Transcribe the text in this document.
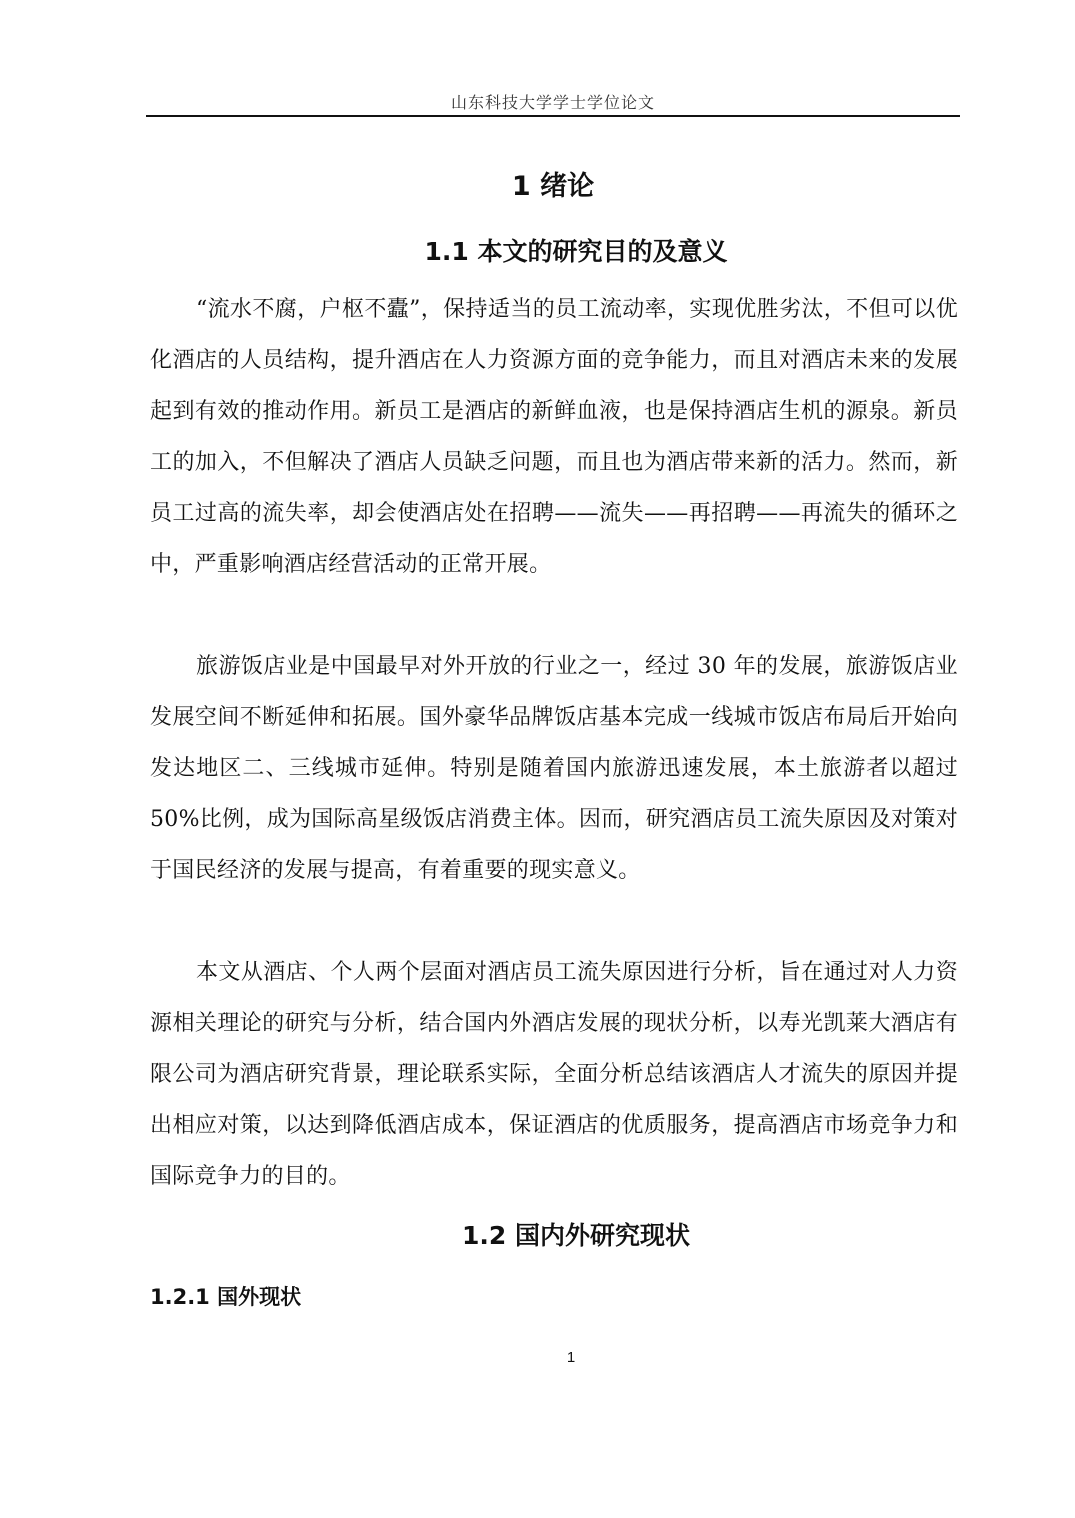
山东科技大学学士学位论文
1 绪论
1.1 本文的研究目的及意义

“流水不腐，户枢不蠹”，保持适当的员工流动率，实现优胜劣汰，不但可以优化酒店的人员结构，提升酒店在人力资源方面的竞争能力，而且对酒店未来的发展起到有效的推动作用。新员工是酒店的新鲜血液，也是保持酒店生机的源泉。新员工的加入，不但解决了酒店人员缺乏问题，而且也为酒店带来新的活力。然而，新员工过高的流失率，却会使酒店处在招聘——流失——再招聘——再流失的循环之中，严重影响酒店经营活动的正常开展。

旅游饭店业是中国最早对外开放的行业之一，经过 30 年的发展，旅游饭店业发展空间不断延伸和拓展。国外豪华品牌饭店基本完成一线城市饭店布局后开始向发达地区二、三线城市延伸。特别是随着国内旅游迅速发展，本土旅游者以超过 50%比例，成为国际高星级饭店消费主体。因而，研究酒店员工流失原因及对策对于国民经济的发展与提高，有着重要的现实意义。

本文从酒店、个人两个层面对酒店员工流失原因进行分析，旨在通过对人力资源相关理论的研究与分析，结合国内外酒店发展的现状分析，以寿光凯莱大酒店有限公司为酒店研究背景，理论联系实际，全面分析总结该酒店人才流失的原因并提出相应对策，以达到降低酒店成本，保证酒店的优质服务，提高酒店市场竞争力和国际竞争力的目的。

1.2 国内外研究现状
1.2.1 国外现状
1
